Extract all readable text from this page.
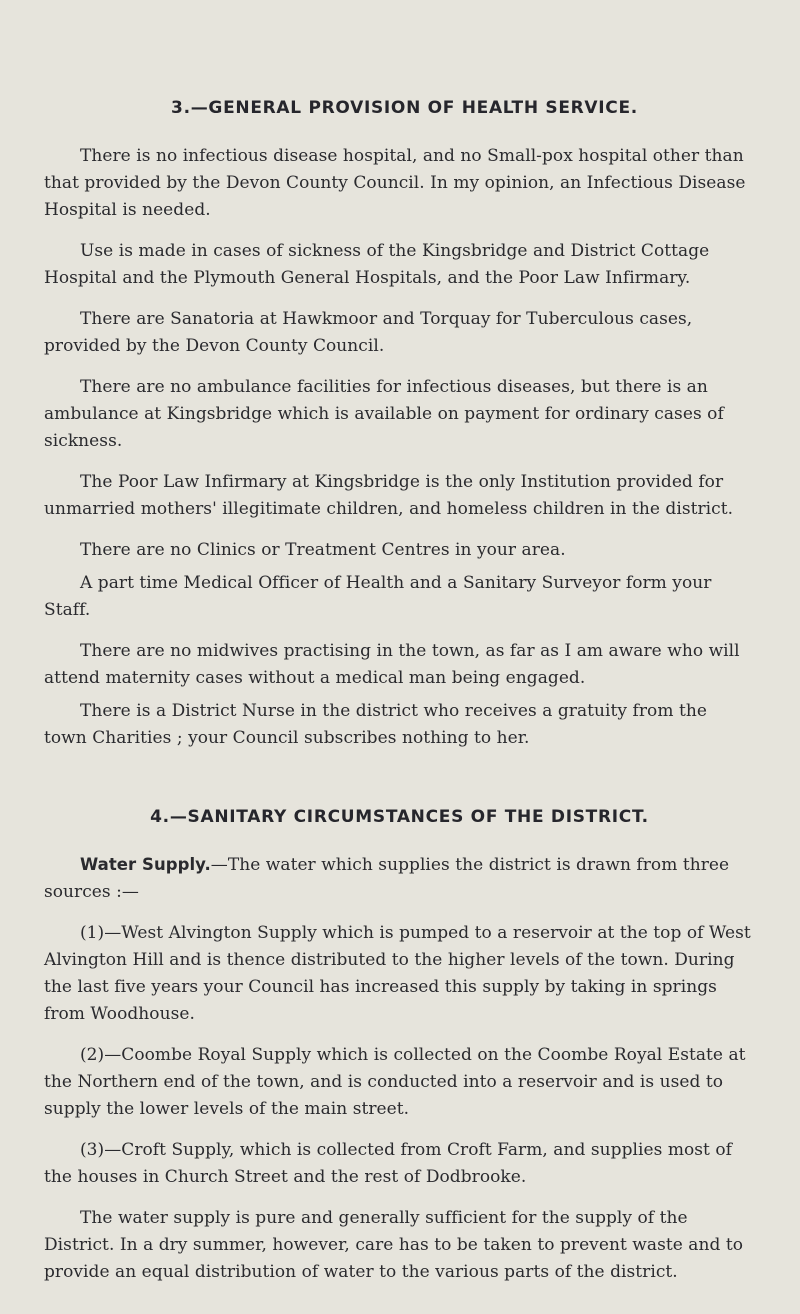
3.—GENERAL PROVISION OF HEALTH SERVICE.

There is no infectious disease hospital, and no Small-pox hospital other than that provided by the Devon County Council. In my opinion, an Infectious Disease Hospital is needed.

Use is made in cases of sickness of the Kingsbridge and District Cottage Hospital and the Plymouth General Hospitals, and the Poor Law Infirmary.

There are Sanatoria at Hawkmoor and Torquay for Tuberculous cases, provided by the Devon County Council.

There are no ambulance facilities for infectious diseases, but there is an ambulance at Kingsbridge which is available on payment for ordinary cases of sickness.

The Poor Law Infirmary at Kingsbridge is the only Institution provided for unmarried mothers' illegitimate children, and homeless children in the district.

There are no Clinics or Treatment Centres in your area.

A part time Medical Officer of Health and a Sanitary Surveyor form your Staff.

There are no midwives practising in the town, as far as I am aware who will attend maternity cases without a medical man being engaged.

There is a District Nurse in the district who receives a gratuity from the town Charities ; your Council subscribes nothing to her.

4.—SANITARY CIRCUMSTANCES OF THE DISTRICT.

Water Supply.—The water which supplies the district is drawn from three sources :—

(1)—West Alvington Supply which is pumped to a reservoir at the top of West Alvington Hill and is thence distributed to the higher levels of the town. During the last five years your Council has increased this supply by taking in springs from Woodhouse.

(2)—Coombe Royal Supply which is collected on the Coombe Royal Estate at the Northern end of the town, and is conducted into a reservoir and is used to supply the lower levels of the main street.

(3)—Croft Supply, which is collected from Croft Farm, and supplies most of the houses in Church Street and the rest of Dodbrooke.

The water supply is pure and generally sufficient for the supply of the District. In a dry summer, however, care has to be taken to prevent waste and to provide an equal distribution of water to the various parts of the district.
